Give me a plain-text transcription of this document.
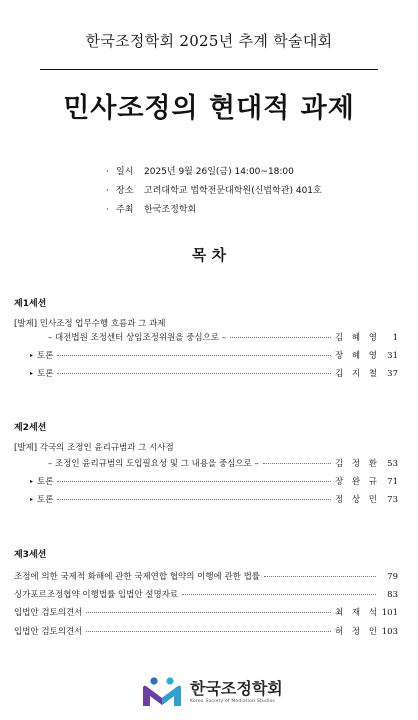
한국조정학회 2025년 추계 학술대회
민사조정의 현대적 과제
· 일시 2025년 9월 26일(금) 14:00~18:00
· 장소 고려대학교 법학전문대학원(신법학관) 401호
· 주최 한국조정학회
목 차
제1세션
[발제] 민사조정 업무수행 흐름과 그 과제
– 대전법원 조정센터 상임조정위원을 중심으로 –	김 혜 영	1
▸ 토론	장 혜 영 31
▸ 토론	김 지 철 37
제2세션
[발제] 각국의 조정인 윤리규범과 그 시사점
– 조정인 윤리규범의 도입필요성 및 그 내용을 중심으로 –	김 정 환 53
▸ 토론	장 완 규 71
▸ 토론	정 상 민 73
제3세션
조정에 의한 국제적 화해에 관한 국제연합 협약의 이행에 관한 법률	79
싱가포르조정협약 이행법률 입법안 설명자료	83
입법안 검토의견서	최 재 석 101
입법안 검토의견서	허 정 인 103
한국조정학회
Korea Society of Mediation Studies
